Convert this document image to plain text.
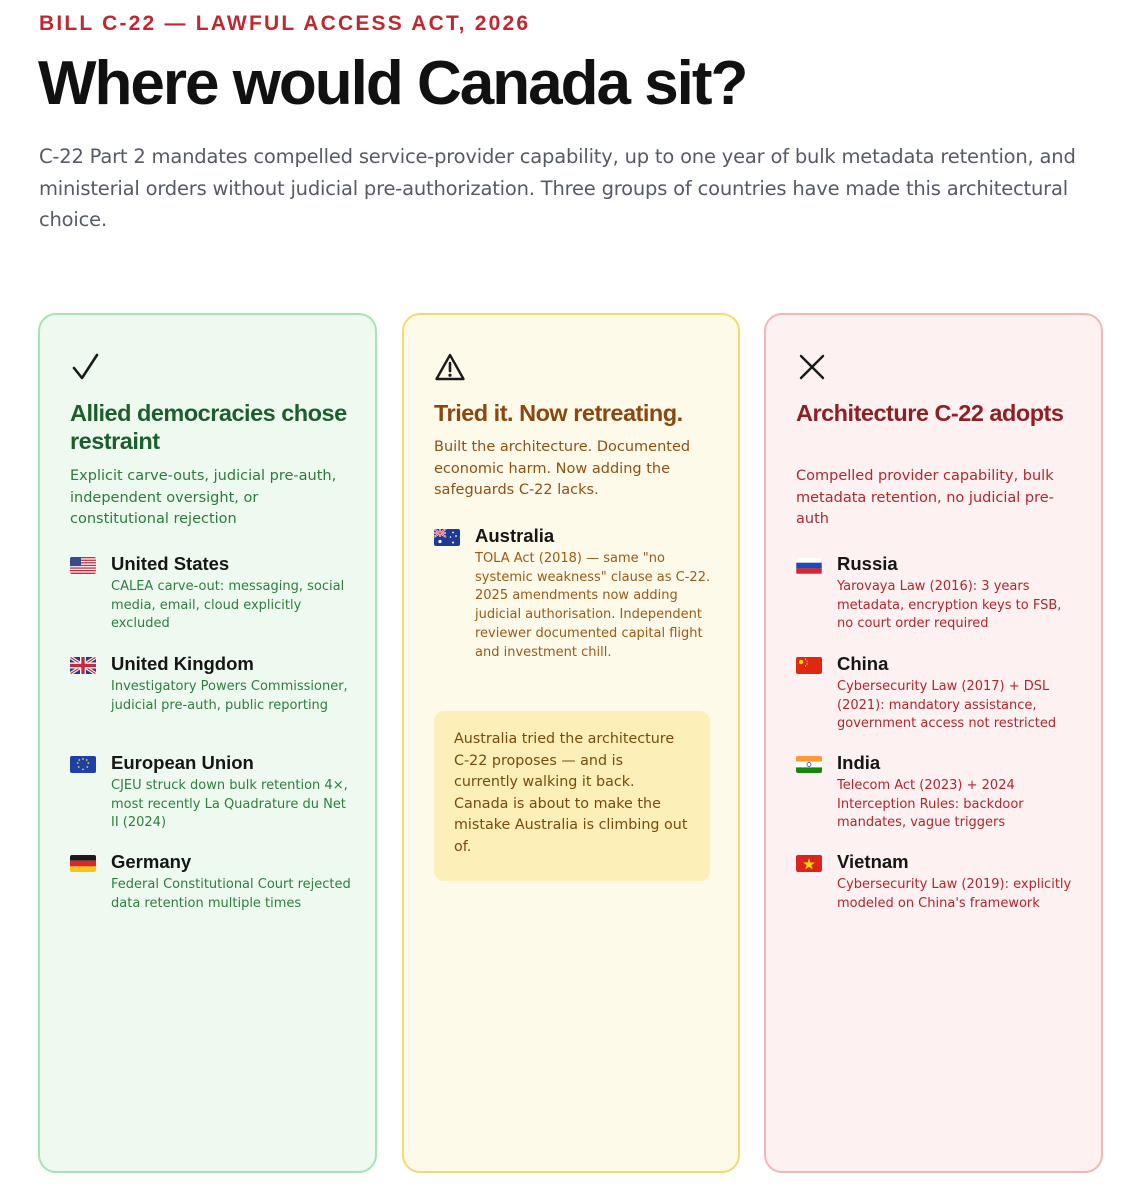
BILL C-22 — LAWFUL ACCESS ACT, 2026
Where would Canada sit?

C-22 Part 2 mandates compelled service-provider capability, up to one year of bulk metadata retention, and ministerial orders without judicial pre-authorization. Three groups of countries have made this architectural choice.

Allied democracies chose restraint

Explicit carve-outs, judicial pre-auth, independent oversight, or constitutional rejection

United States

CALEA carve-out: messaging, social media, email, cloud explicitly excluded

United Kingdom

Investigatory Powers Commissioner, judicial pre-auth, public reporting

European Union

CJEU struck down bulk retention 4×, most recently La Quadrature du Net II (2024)

Germany

Federal Constitutional Court rejected data retention multiple times

Tried it. Now retreating.

Built the architecture. Documented economic harm. Now adding the safeguards C-22 lacks.

Australia

TOLA Act (2018) — same "no systemic weakness" clause as C-22. 2025 amendments now adding judicial authorisation. Independent reviewer documented capital flight and investment chill.

Australia tried the architecture C-22 proposes — and is currently walking it back. Canada is about to make the mistake Australia is climbing out of.

Architecture C-22 adopts

Compelled provider capability, bulk metadata retention, no judicial pre-auth

Russia

Yarovaya Law (2016): 3 years metadata, encryption keys to FSB, no court order required

China

Cybersecurity Law (2017) + DSL (2021): mandatory assistance, government access not restricted

India

Telecom Act (2023) + 2024 Interception Rules: backdoor mandates, vague triggers

Vietnam

Cybersecurity Law (2019): explicitly modeled on China's framework
